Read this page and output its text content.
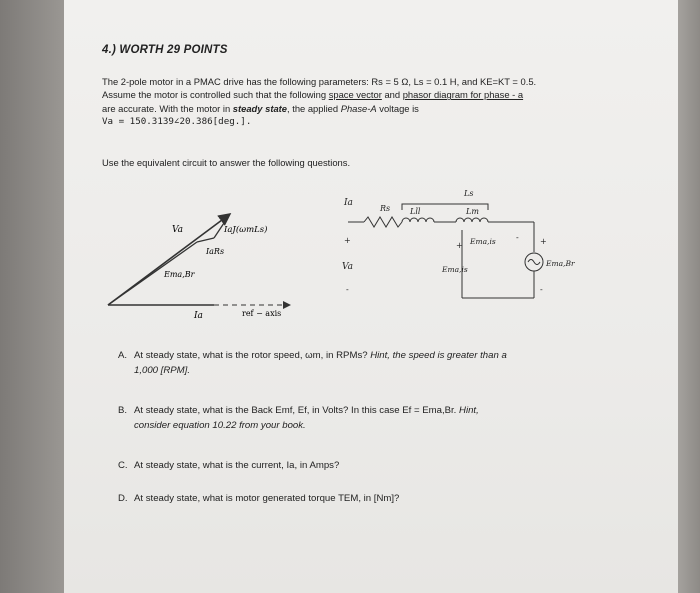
4.) WORTH 29 POINTS
The 2-pole motor in a PMAC drive has the following parameters: Rs = 5 Ω, Ls = 0.1 H, and KE=KT = 0.5.
Assume the motor is controlled such that the following space vector and phasor diagram for phase - a
are accurate. With the motor in steady state, the applied Phase-A voltage is
Va = 150.3139∠20.386[deg.].
Use the equivalent circuit to answer the following questions.
Va	IaJ(ωmLs)
IaRs
Ema,Br
Ia	ref − axis
Ia
Rs
Ls
Lll	Lm
Ema,is
Va	Ema,is
Ema,Br
+
-
+
-	+
-
A. At steady state, what is the rotor speed, ωm, in RPMs? Hint, the speed is greater than a
1,000 [RPM].
B. At steady state, what is the Back Emf, Ef, in Volts? In this case Ef = Ema,Br. Hint,
consider equation 10.22 from your book.
C. At steady state, what is the current, Ia, in Amps?
D. At steady state, what is motor generated torque TEM, in [Nm]?
